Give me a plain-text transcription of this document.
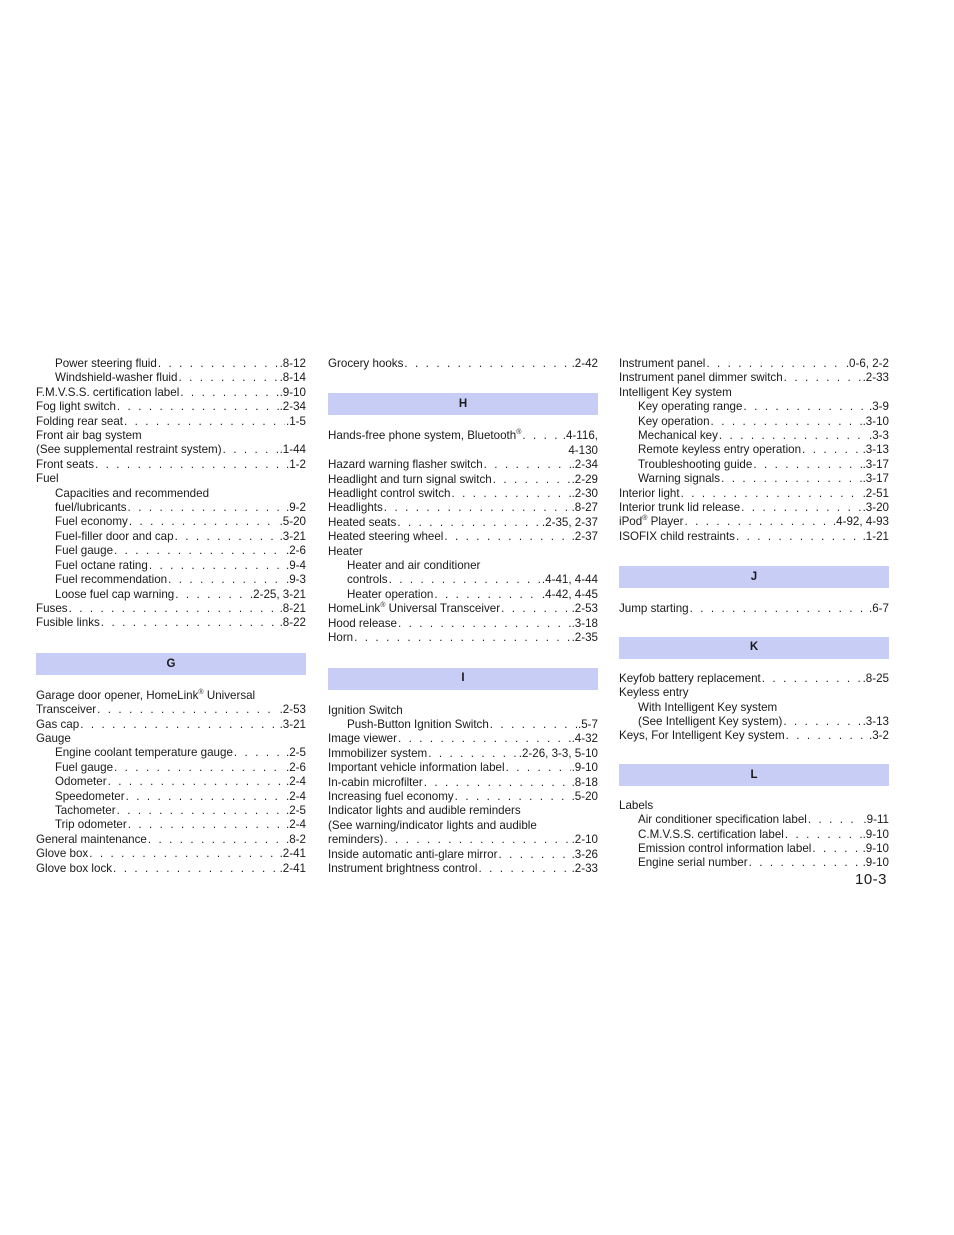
Power steering fluid . . .	.8-12
Windshield-washer fluid . . .	.8-14
F.M.V.S.S. certification label . . .	.9-10
Fog light switch . . .	.2-34
Folding rear seat . . .	.1-5
Front air bag system
(See supplemental restraint system) . . .	.1-44
Front seats . . .	.1-2
Fuel
Capacities and recommended
fuel/lubricants . . .	.9-2
Fuel economy . . .	.5-20
Fuel-filler door and cap . . .	.3-21
Fuel gauge . . .	.2-6
Fuel octane rating . . .	.9-4
Fuel recommendation . . .	.9-3
Loose fuel cap warning . . .	.2-25, 3-21
Fuses . . .	.8-21
Fusible links . . .	.8-22
G
Garage door opener, HomeLink® Universal
Transceiver . . .	.2-53
Gas cap . . .	.3-21
Gauge
Engine coolant temperature gauge . . .	.2-5
Fuel gauge . . .	.2-6
Odometer . . .	.2-4
Speedometer . . .	.2-4
Tachometer . . .	.2-5
Trip odometer . . .	.2-4
General maintenance . . .	.8-2
Glove box . . .	.2-41
Glove box lock . . .	.2-41
Grocery hooks . . .	.2-42
H
Hands-free phone system, Bluetooth® . . .	.4-116,
4-130
Hazard warning flasher switch . . .	.2-34
Headlight and turn signal switch . . .	.2-29
Headlight control switch . . .	.2-30
Headlights . . .	.8-27
Heated seats . . .	.2-35, 2-37
Heated steering wheel . . .	.2-37
Heater
Heater and air conditioner
controls . . .	.4-41, 4-44
Heater operation . . .	.4-42, 4-45
HomeLink® Universal Transceiver . . .	.2-53
Hood release . . .	.3-18
Horn . . .	.2-35
I
Ignition Switch
Push-Button Ignition Switch . . .	.5-7
Image viewer . . .	.4-32
Immobilizer system . . .	.2-26, 3-3, 5-10
Important vehicle information label . . .	.9-10
In-cabin microfilter . . .	.8-18
Increasing fuel economy . . .	.5-20
Indicator lights and audible reminders
(See warning/indicator lights and audible
reminders) . . .	.2-10
Inside automatic anti-glare mirror . . .	.3-26
Instrument brightness control . . .	.2-33
Instrument panel . . .	.0-6, 2-2
Instrument panel dimmer switch . . .	.2-33
Intelligent Key system
Key operating range . . .	.3-9
Key operation . . .	.3-10
Mechanical key . . .	.3-3
Remote keyless entry operation . . .	.3-13
Troubleshooting guide . . .	.3-17
Warning signals . . .	.3-17
Interior light . . .	.2-51
Interior trunk lid release . . .	.3-20
iPod® Player . . .	.4-92, 4-93
ISOFIX child restraints . . .	.1-21
J
Jump starting . . .	.6-7
K
Keyfob battery replacement . . .	.8-25
Keyless entry
With Intelligent Key system
(See Intelligent Key system) . . .	.3-13
Keys, For Intelligent Key system . . .	.3-2
L
Labels
Air conditioner specification label . . .	.9-11
C.M.V.S.S. certification label . . .	.9-10
Emission control information label . . .	.9-10
Engine serial number . . .	.9-10
10-3
